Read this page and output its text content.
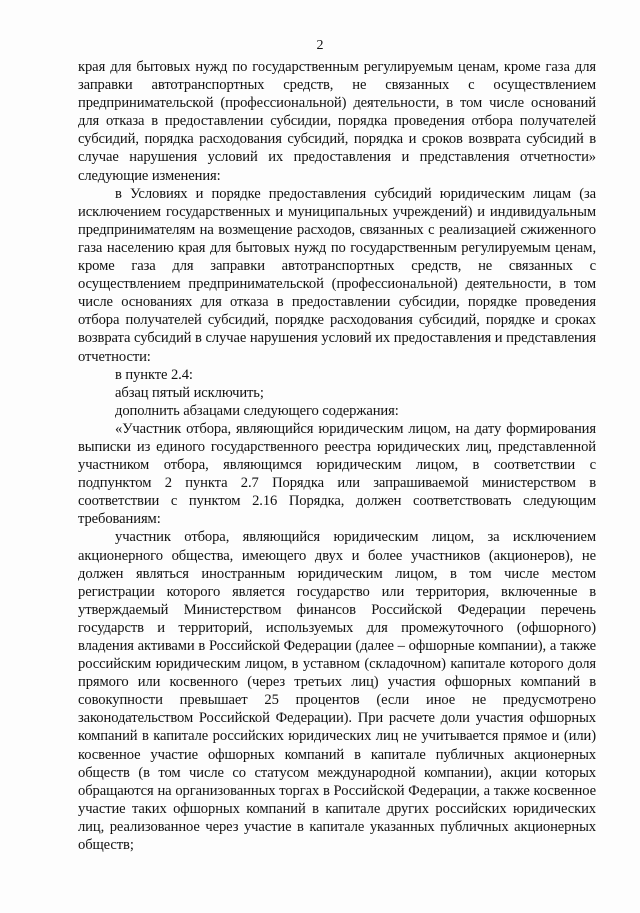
2

края для бытовых нужд по государственным регулируемым ценам, кроме газа для заправки автотранспортных средств, не связанных с осуществлением предпринимательской (профессиональной) деятельности, в том числе оснований для отказа в предоставлении субсидии, порядка проведения отбора получателей субсидий, порядка расходования субсидий, порядка и сроков возврата субсидий в случае нарушения условий их предоставления и представления отчетности» следующие изменения:

в Условиях и порядке предоставления субсидий юридическим лицам (за исключением государственных и муниципальных учреждений) и индивидуальным предпринимателям на возмещение расходов, связанных с реализацией сжиженного газа населению края для бытовых нужд по государственным регулируемым ценам, кроме газа для заправки автотранспортных средств, не связанных с осуществлением предпринимательской (профессиональной) деятельности, в том числе основаниях для отказа в предоставлении субсидии, порядке проведения отбора получателей субсидий, порядке расходования субсидий, порядке и сроках возврата субсидий в случае нарушения условий их предоставления и представления отчетности:

в пункте 2.4:

абзац пятый исключить;

дополнить абзацами следующего содержания:

«Участник отбора, являющийся юридическим лицом, на дату формирования выписки из единого государственного реестра юридических лиц, представленной участником отбора, являющимся юридическим лицом, в соответствии с подпунктом 2 пункта 2.7 Порядка или запрашиваемой министерством в соответствии с пунктом 2.16 Порядка, должен соответствовать следующим требованиям:

участник отбора, являющийся юридическим лицом, за исключением акционерного общества, имеющего двух и более участников (акционеров), не должен являться иностранным юридическим лицом, в том числе местом регистрации которого является государство или территория, включенные в утверждаемый Министерством финансов Российской Федерации перечень государств и территорий, используемых для промежуточного (офшорного) владения активами в Российской Федерации (далее – офшорные компании), а также российским юридическим лицом, в уставном (складочном) капитале которого доля прямого или косвенного (через третьих лиц) участия офшорных компаний в совокупности превышает 25 процентов (если иное не предусмотрено законодательством Российской Федерации). При расчете доли участия офшорных компаний в капитале российских юридических лиц не учитывается прямое и (или) косвенное участие офшорных компаний в капитале публичных акционерных обществ (в том числе со статусом международной компании), акции которых обращаются на организованных торгах в Российской Федерации, а также косвенное участие таких офшорных компаний в капитале других российских юридических лиц, реализованное через участие в капитале указанных публичных акционерных обществ;
